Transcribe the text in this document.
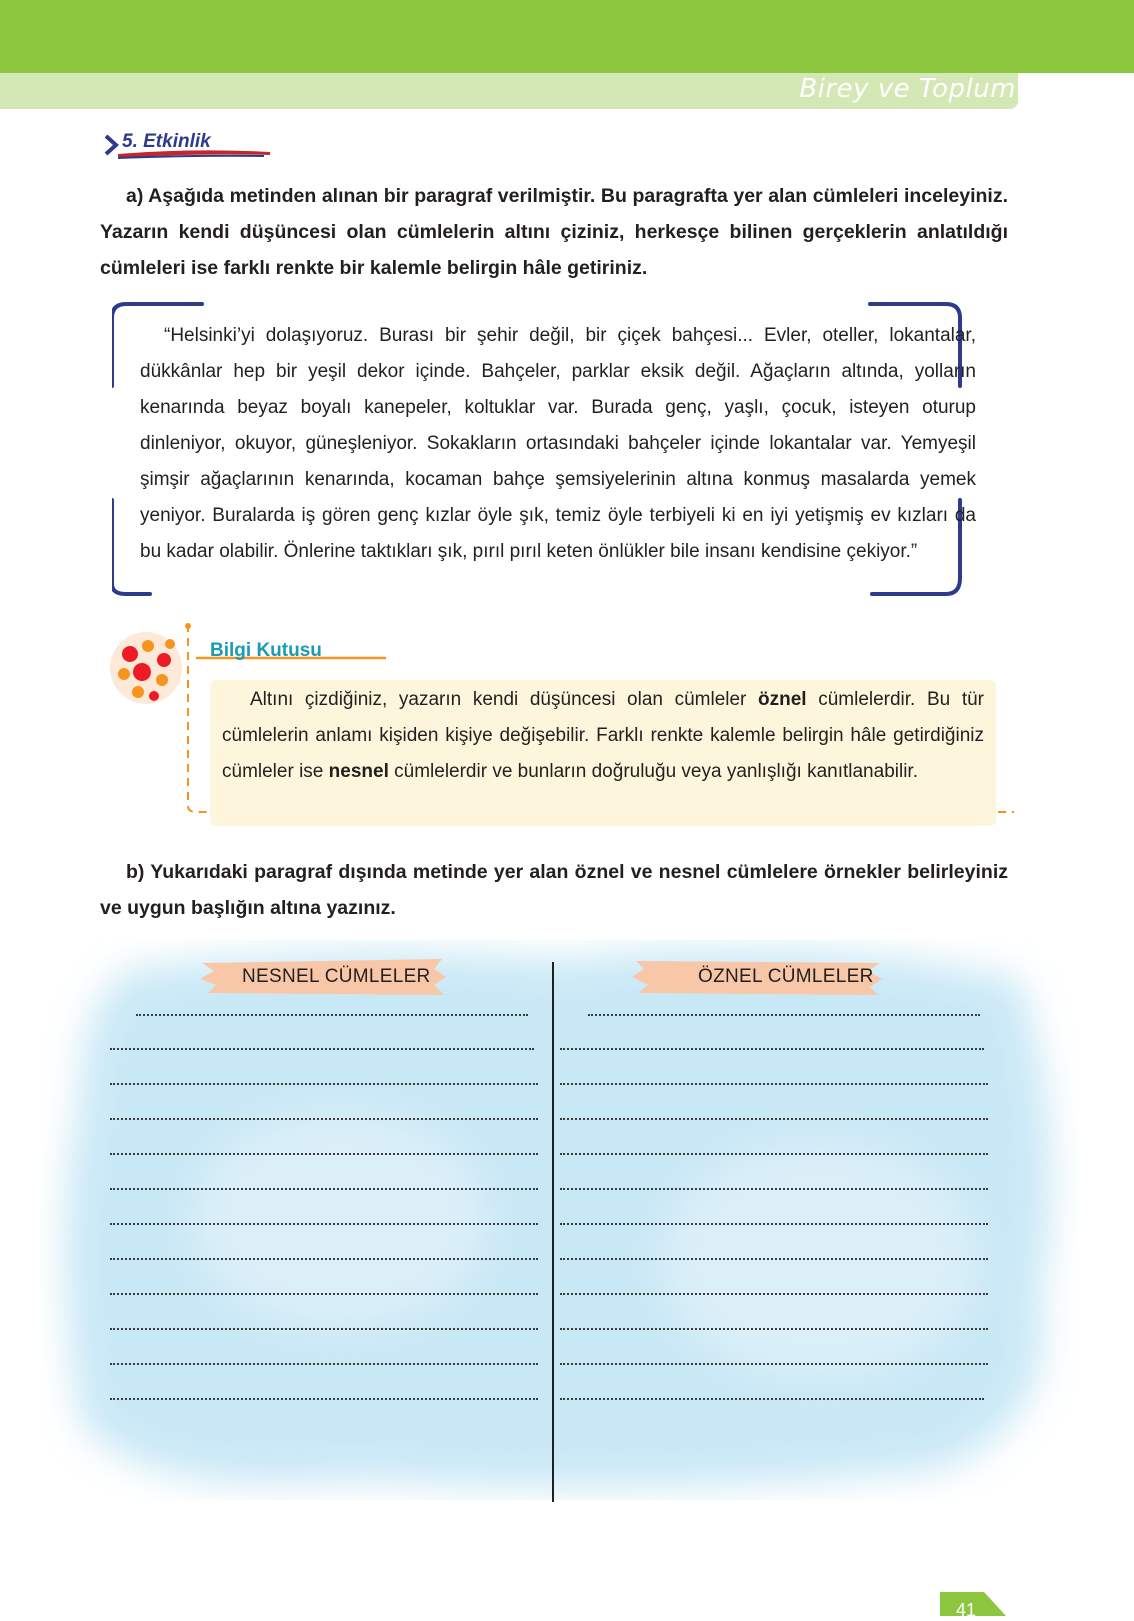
Birey ve Toplum
5. Etkinlik

a) Aşağıda metinden alınan bir paragraf verilmiştir. Bu paragrafta yer alan cümleleri inceleyiniz. Yazarın kendi düşüncesi olan cümlelerin altını çiziniz, herkesçe bilinen gerçeklerin anlatıldığı cümleleri ise farklı renkte bir kalemle belirgin hâle getiriniz.

“Helsinki’yi dolaşıyoruz. Burası bir şehir değil, bir çiçek bahçesi... Evler, oteller, lokantalar, dükkânlar hep bir yeşil dekor içinde. Bahçeler, parklar eksik değil. Ağaçların altında, yolların kenarında beyaz boyalı kanepeler, koltuklar var. Burada genç, yaşlı, çocuk, isteyen oturup dinleniyor, okuyor, güneşleniyor. Sokakların ortasındaki bahçeler içinde lokantalar var. Yemyeşil şimşir ağaçlarının kenarında, kocaman bahçe şemsiyelerinin altına konmuş masalarda yemek yeniyor. Buralarda iş gören genç kızlar öyle şık, temiz öyle terbiyeli ki en iyi yetişmiş ev kızları da bu kadar olabilir. Önlerine taktıkları şık, pırıl pırıl keten önlükler bile insanı kendisine çekiyor.”

Bilgi Kutusu

Altını çizdiğiniz, yazarın kendi düşüncesi olan cümleler öznel cümlelerdir. Bu tür cümlelerin anlamı kişiden kişiye değişebilir. Farklı renkte kalemle belirgin hâle getirdiğiniz cümleler ise nesnel cümlelerdir ve bunların doğruluğu veya yanlışlığı kanıtlanabilir.

b) Yukarıdaki paragraf dışında metinde yer alan öznel ve nesnel cümlelere örnekler belirleyiniz ve uygun başlığın altına yazınız.

NESNEL CÜMLELER	ÖZNEL CÜMLELER
41
